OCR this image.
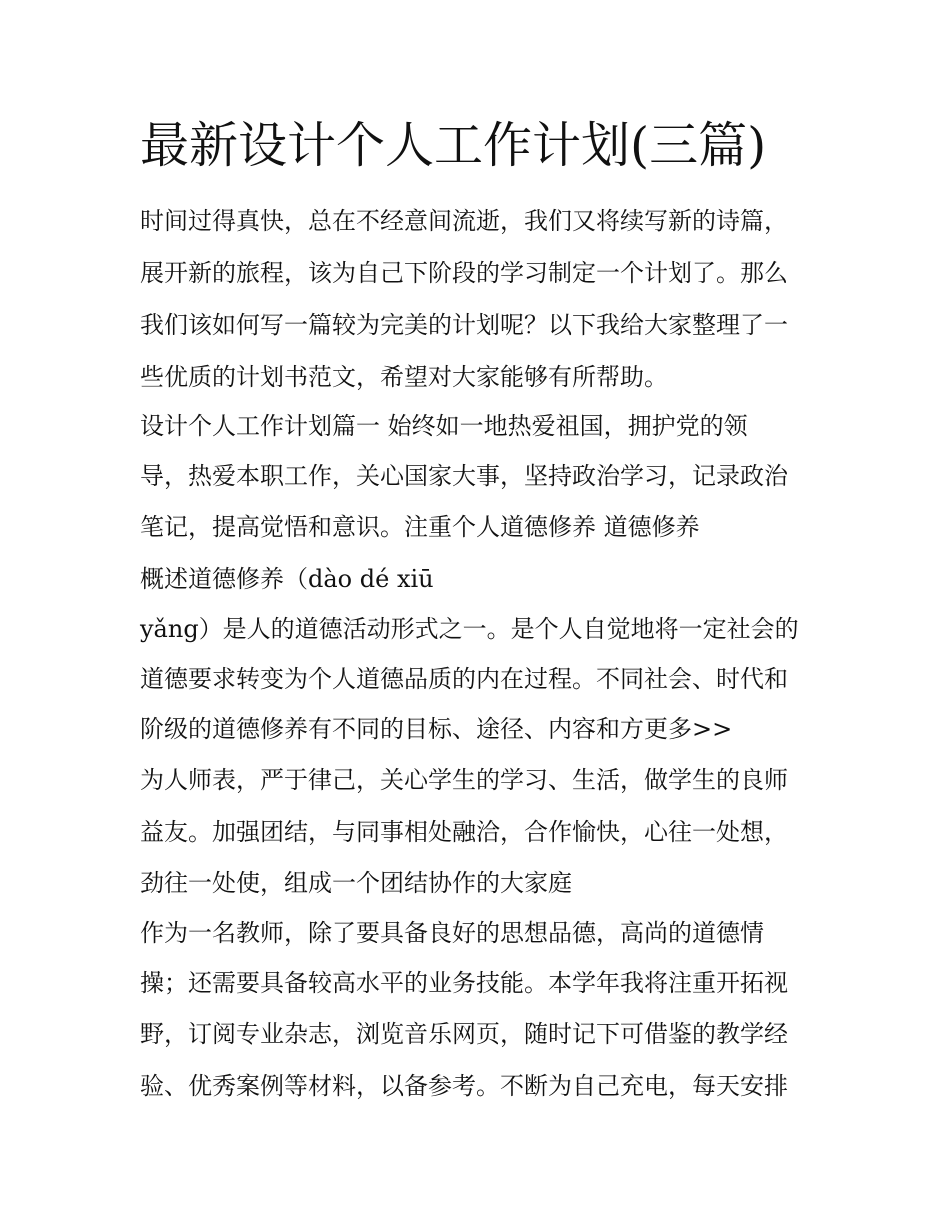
最新设计个人工作计划(三篇)

时间过得真快，总在不经意间流逝，我们又将续写新的诗篇，

展开新的旅程，该为自己下阶段的学习制定一个计划了。那么

我们该如何写一篇较为完美的计划呢？以下我给大家整理了一

些优质的计划书范文，希望对大家能够有所帮助。

设计个人工作计划篇一 始终如一地热爱祖国，拥护党的领

导，热爱本职工作，关心国家大事，坚持政治学习，记录政治

笔记，提高觉悟和意识。注重个人道德修养 道德修养

概述道德修养（dào dé xiū

yǎng）是人的道德活动形式之一。是个人自觉地将一定社会的

道德要求转变为个人道德品质的内在过程。不同社会、时代和

阶级的道德修养有不同的目标、途径、内容和方更多>>

为人师表，严于律己，关心学生的学习、生活，做学生的良师

益友。加强团结，与同事相处融洽，合作愉快，心往一处想，

劲往一处使，组成一个团结协作的大家庭

作为一名教师，除了要具备良好的思想品德，高尚的道德情

操；还需要具备较高水平的业务技能。本学年我将注重开拓视

野，订阅专业杂志，浏览音乐网页，随时记下可借鉴的教学经

验、优秀案例等材料，以备参考。不断为自己充电，每天安排
